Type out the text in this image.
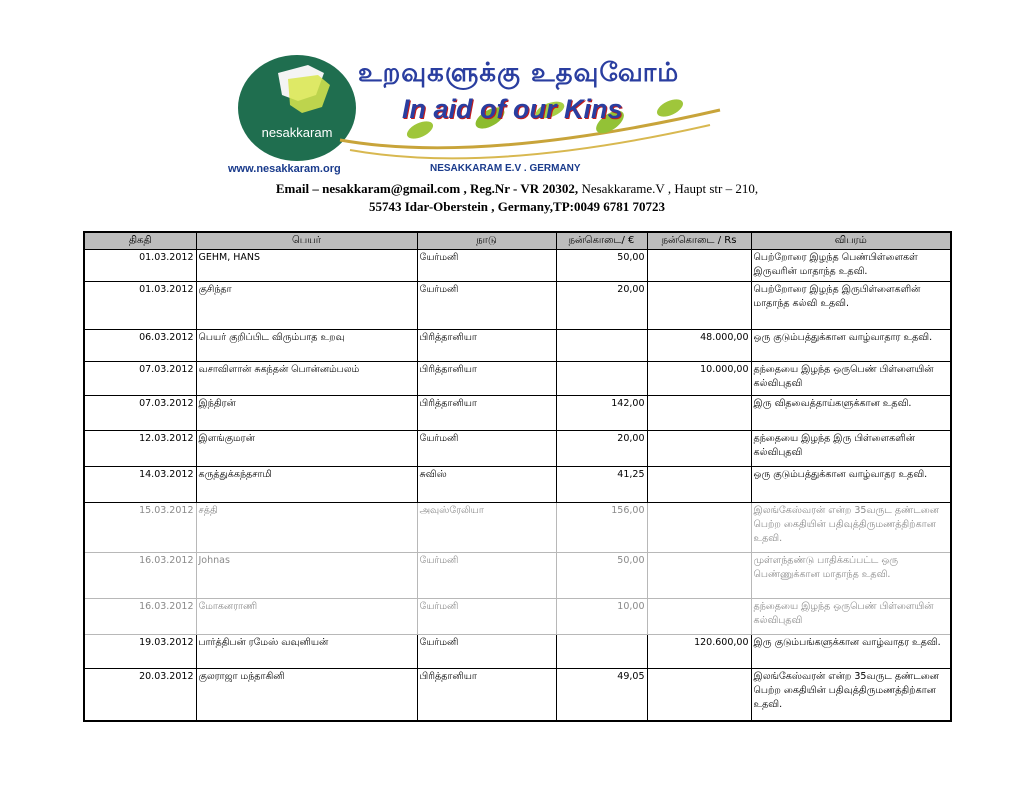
nesakkaram
www.nesakkaram.org
உறவுகளுக்கு உதவுவோம்
In aid of our Kins
NESAKKARAM E.V . GERMANY
Email – nesakkaram@gmail.com , Reg.Nr - VR 20302, Nesakkarame.V , Haupt str – 210,
55743 Idar-Oberstein , Germany,TP:0049 6781 70723
திகதி	பெயர்	நாடு	நன்கொடை/ €	நன்கொடை / Rs	விபரம்
01.03.2012	GEHM, HANS	யேர்மனி	50,00		பெற்றோரை இழந்த பெண்பிள்ளைகள் இருவரின் மாதாந்த உதவி.
01.03.2012	குசிந்தா	யேர்மனி	20,00		பெற்றோரை இழந்த இருபிள்ளைகளின் மாதாந்த கல்வி உதவி.
06.03.2012	பெயர் குறிப்பிட விரும்பாத உறவு	பிரித்தானியா		48.000,00	ஒரு குடும்பத்துக்கான வாழ்வாதார உதவி.
07.03.2012	வசாவிளான் சுகந்தன் பொன்னம்பலம்	பிரித்தானியா		10.000,00	தந்தையை இழந்த ஒருபெண் பிள்ளையின் கல்விபுதவி
07.03.2012	இந்திரன்	பிரித்தானியா	142,00		இரு விதவைத்தாய்களுக்கான உதவி.
12.03.2012	இளங்குமரன்	யேர்மனி	20,00		தந்தையை இழந்த இரு பிள்ளைகளின் கல்விபுதவி
14.03.2012	கருத்துக்கந்தசாமி	சுவிஸ்	41,25		ஒரு குடும்பத்துக்கான வாழ்வாதர உதவி.
15.03.2012	சத்தி	அவுஸ்ரேலியா	156,00		இலங்கேஸ்வரன் என்ற 35வருட தண்டனை பெற்ற கைதியின் பதிவுத்திருமணத்திற்கான உதவி.
16.03.2012	Johnas	யேர்மனி	50,00		முள்ளந்தண்டு பாதிக்கப்பட்ட ஒரு பெண்ணுக்கான மாதாந்த உதவி.
16.03.2012	மோகனராணி	யேர்மனி	10,00		தந்தையை இழந்த ஒருபெண் பிள்ளையின் கல்விபுதவி
19.03.2012	பார்த்திபன் ரமேஸ் வவுனியன்	யேர்மனி		120.600,00	இரு குடும்பங்களுக்கான வாழ்வாதர உதவி.
20.03.2012	குலராஜா மந்தாகினி	பிரித்தானியா	49,05		இலங்கேஸ்வரன் என்ற 35வருட தண்டனை பெற்ற கைதியின் பதிவுத்திருமணத்திற்கான உதவி.
